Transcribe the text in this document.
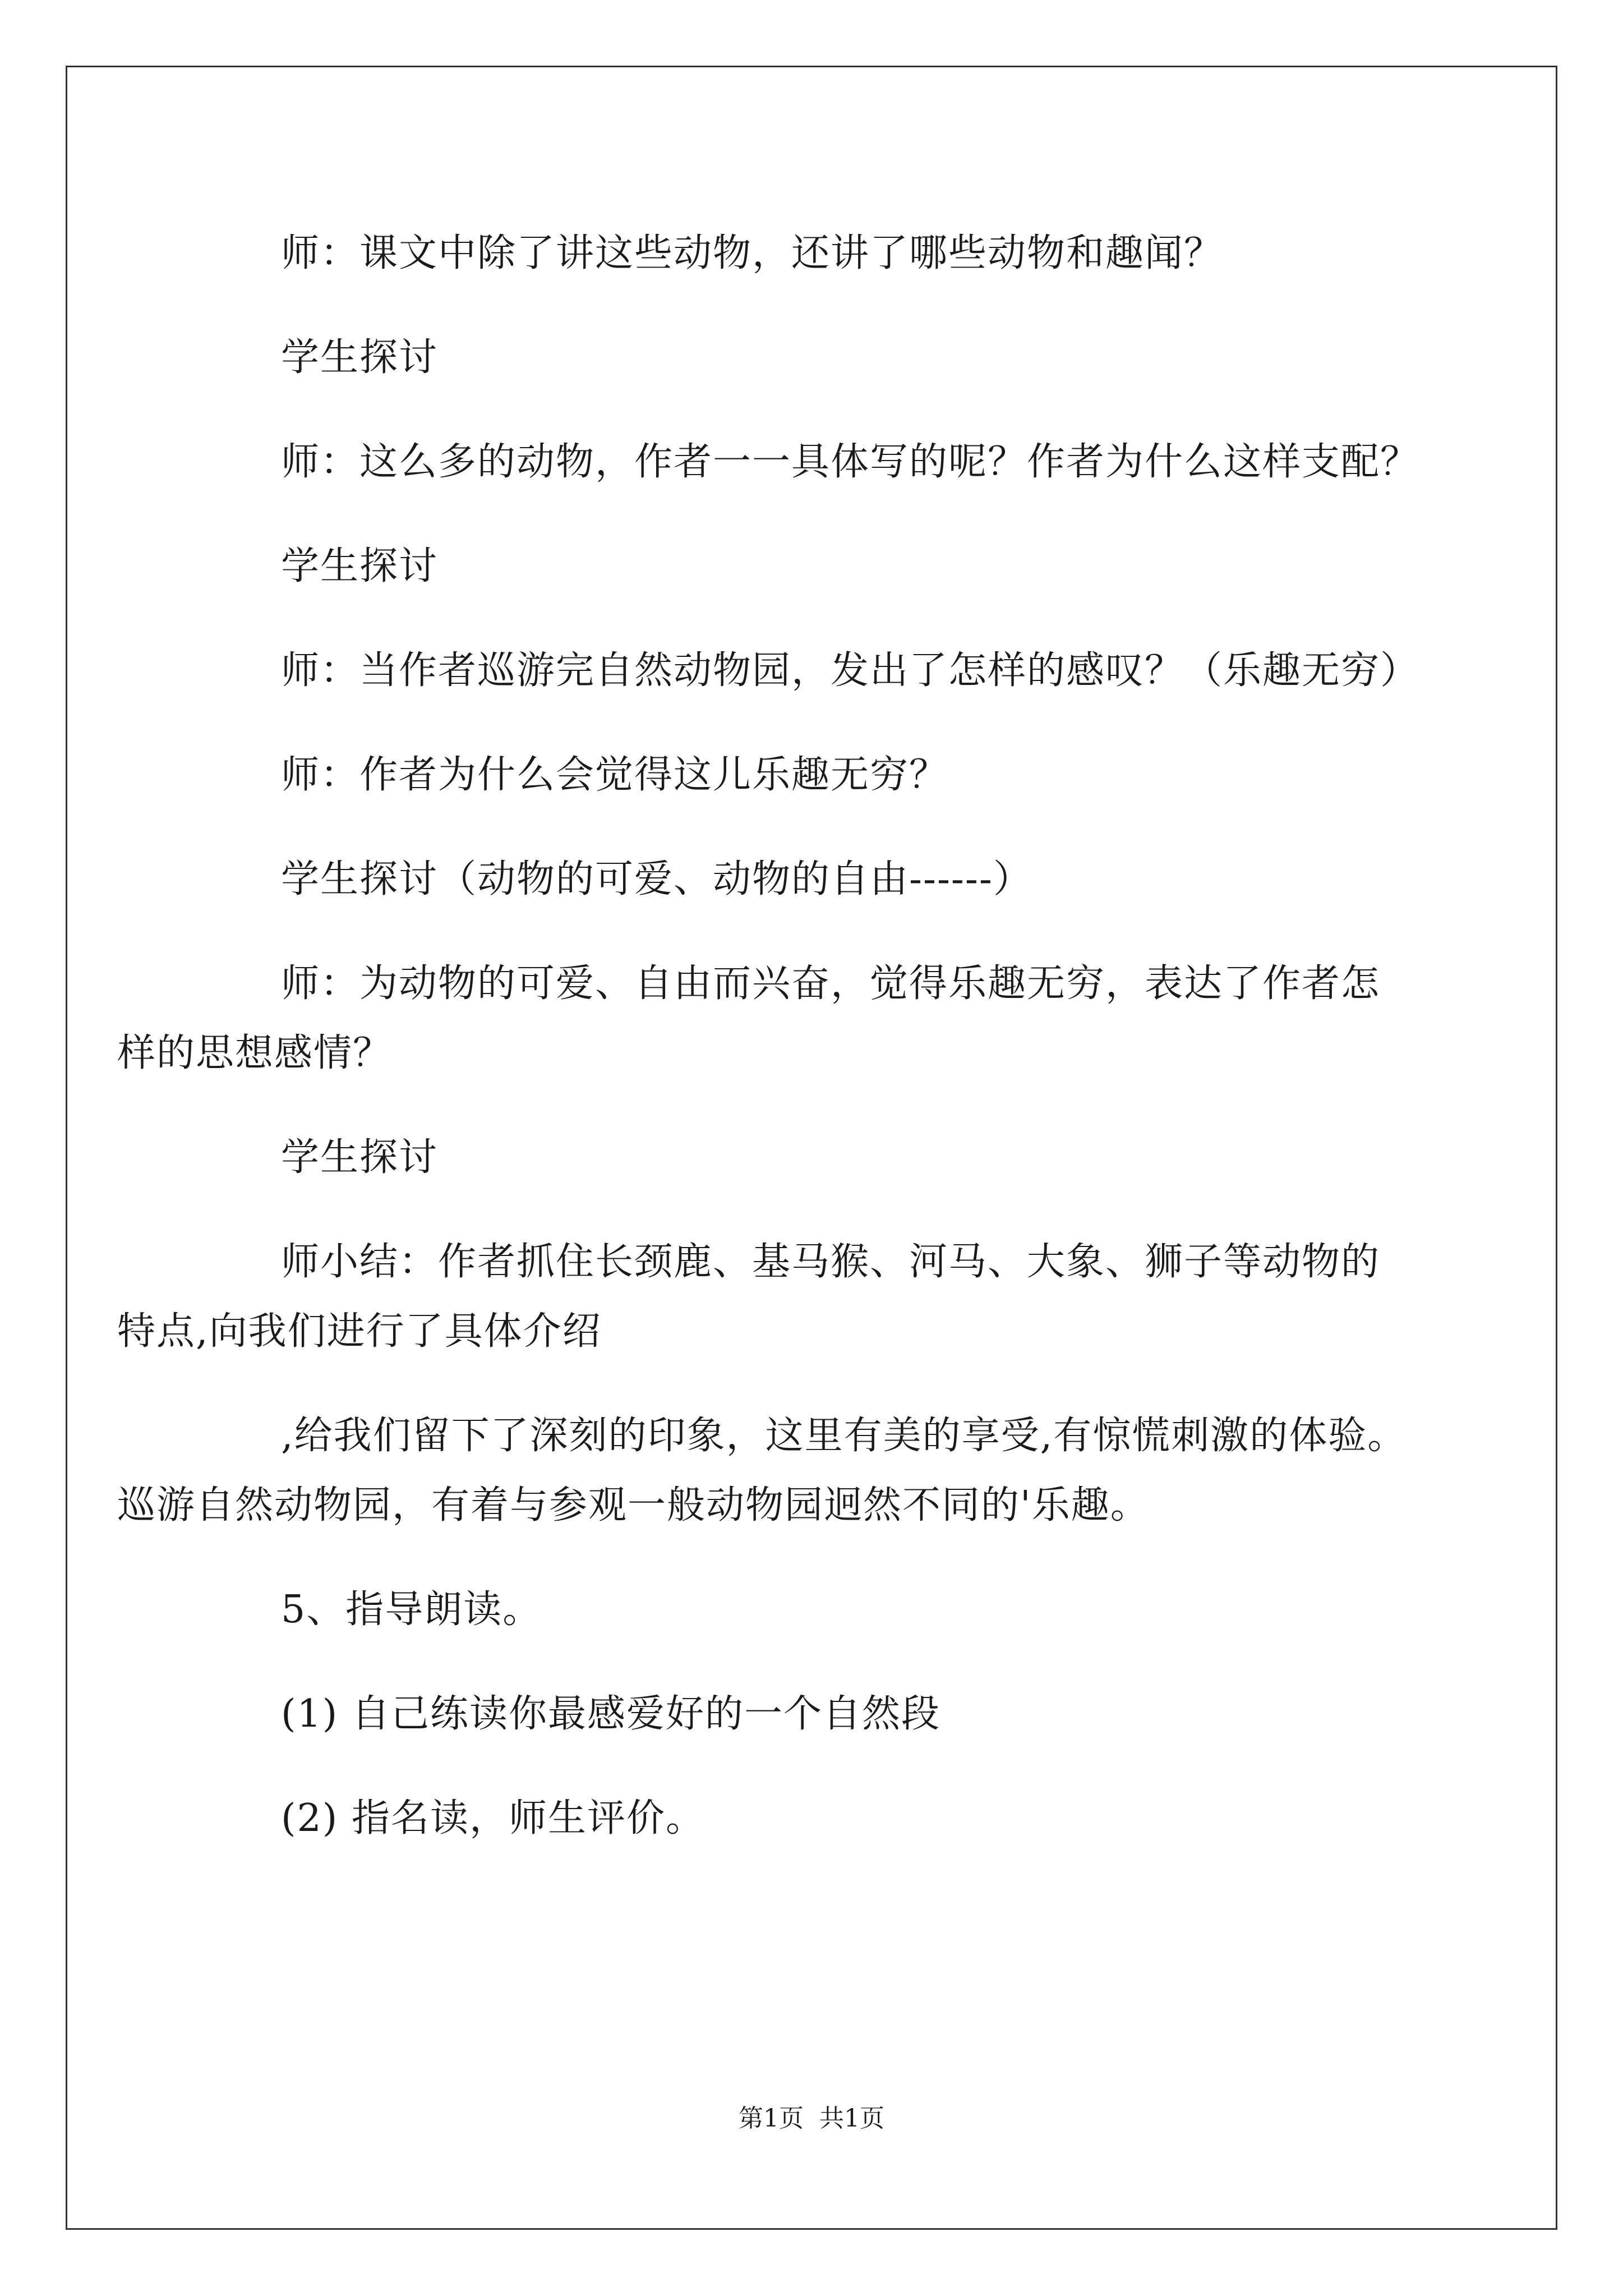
师：课文中除了讲这些动物，还讲了哪些动物和趣闻？

学生探讨

师：这么多的动物，作者一一具体写的呢？作者为什么这样支配？

学生探讨

师：当作者巡游完自然动物园，发出了怎样的感叹？（乐趣无穷）

师：作者为什么会觉得这儿乐趣无穷？

学生探讨（动物的可爱、动物的自由------）

师：为动物的可爱、自由而兴奋，觉得乐趣无穷，表达了作者怎
样的思想感情？

学生探讨

师小结：作者抓住长颈鹿、基马猴、河马、大象、狮子等动物的
特点,向我们进行了具体介绍

,给我们留下了深刻的印象，这里有美的享受,有惊慌刺激的体验。
巡游自然动物园，有着与参观一般动物园迥然不同的'乐趣。

5、指导朗读。

(1) 自己练读你最感爱好的一个自然段

(2) 指名读，师生评价。

第1页 共1页
